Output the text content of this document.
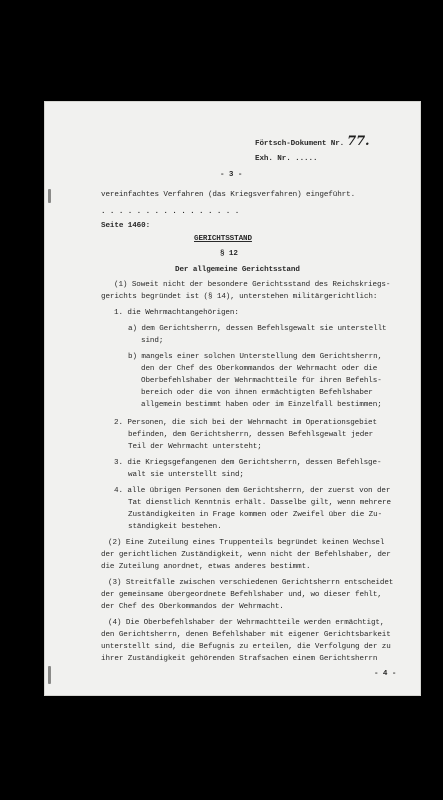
Förtsch-Dokument Nr. 77.
Exh. Nr. .....
- 3 -
vereinfachtes Verfahren (das Kriegsverfahren) eingeführt.
. . . . . . . . . . . . . . . .
Seite 1460:
GERICHTSSTAND
§ 12
Der allgemeine Gerichtsstand
(1) Soweit nicht der besondere Gerichtsstand des Reichskriegs-
gerichts begründet ist (§ 14), unterstehen militärgerichtlich:
1. die Wehrmachtangehörigen:
a) dem Gerichtsherrn, dessen Befehlsgewalt sie unterstellt
sind;
b) mangels einer solchen Unterstellung dem Gerichtsherrn,
den der Chef des Oberkommandos der Wehrmacht oder die
Oberbefehlshaber der Wehrmachtteile für ihren Befehls-
bereich oder die von ihnen ermächtigten Befehlshaber
allgemein bestimmt haben oder im Einzelfall bestimmen;
2. Personen, die sich bei der Wehrmacht im Operationsgebiet
befinden, dem Gerichtsherrn, dessen Befehlsgewalt jeder
Teil der Wehrmacht untersteht;
3. die Kriegsgefangenen dem Gerichtsherrn, dessen Befehlsge-
walt sie unterstellt sind;
4. alle übrigen Personen dem Gerichtsherrn, der zuerst von der
Tat dienstlich Kenntnis erhält. Dasselbe gilt, wenn mehrere
Zuständigkeiten in Frage kommen oder Zweifel über die Zu-
ständigkeit bestehen.
(2) Eine Zuteilung eines Truppenteils begründet keinen Wechsel
der gerichtlichen Zuständigkeit, wenn nicht der Befehlshaber, der
die Zuteilung anordnet, etwas anderes bestimmt.
(3) Streitfälle zwischen verschiedenen Gerichtsherrn entscheidet
der gemeinsame übergeordnete Befehlshaber und, wo dieser fehlt,
der Chef des Oberkommandos der Wehrmacht.
(4) Die Oberbefehlshaber der Wehrmachtteile werden ermächtigt,
den Gerichtsherrn, denen Befehlshaber mit eigener Gerichtsbarkeit
unterstellt sind, die Befugnis zu erteilen, die Verfolgung der zu
ihrer Zuständigkeit gehörenden Strafsachen einem Gerichtsherrn
- 4 -
